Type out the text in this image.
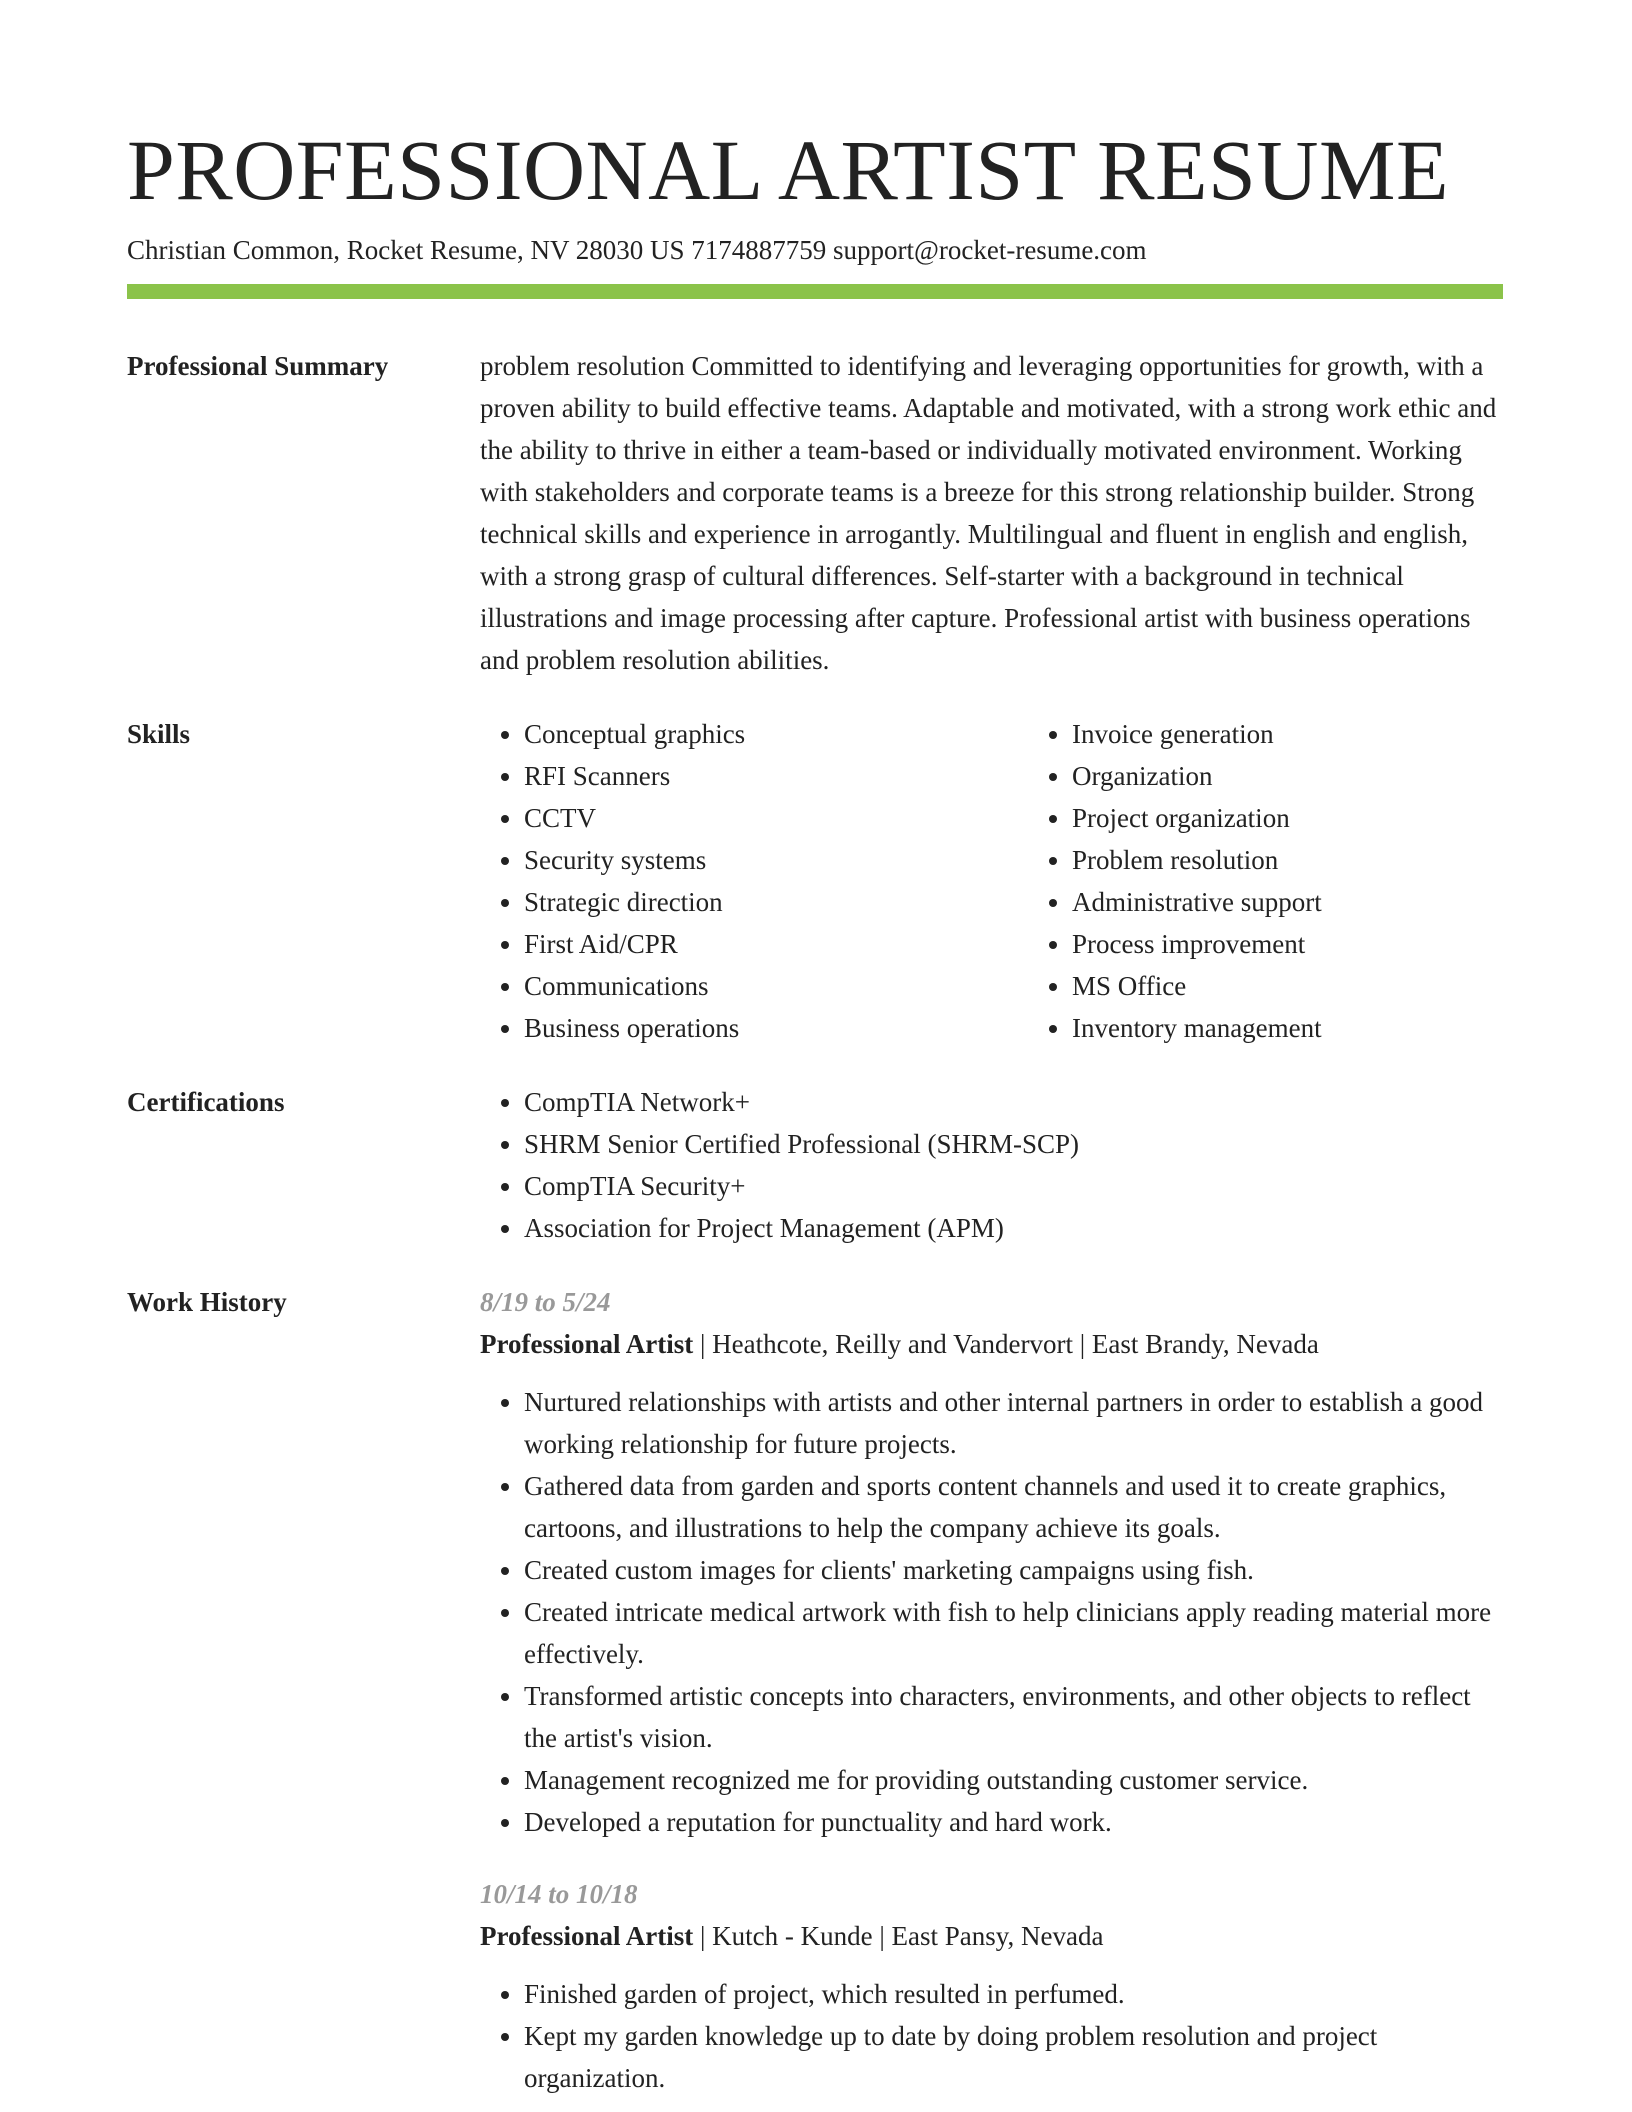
PROFESSIONAL ARTIST RESUME
Christian Common, Rocket Resume, NV 28030 US 7174887759 support@rocket-resume.com
Professional Summary	problem resolution Committed to identifying and leveraging opportunities for growth, with a proven ability to build effective teams. Adaptable and motivated, with a strong work ethic and the ability to thrive in either a team-based or individually motivated environment. Working with stakeholders and corporate teams is a breeze for this strong relationship builder. Strong technical skills and experience in arrogantly. Multilingual and fluent in english and english, with a strong grasp of cultural differences. Self-starter with a background in technical illustrations and image processing after capture. Professional artist with business operations and problem resolution abilities.

Skills	• Conceptual graphics
• RFI Scanners
• CCTV
• Security systems
• Strategic direction
• First Aid/CPR
• Communications
• Business operations
• Invoice generation
• Organization
• Project organization
• Problem resolution
• Administrative support
• Process improvement
• MS Office
• Inventory management
Certifications	• CompTIA Network+
• SHRM Senior Certified Professional (SHRM-SCP)
• CompTIA Security+
• Association for Project Management (APM)
Work History	8/19 to 5/24
Professional Artist | Heathcote, Reilly and Vandervort | East Brandy, Nevada
• Nurtured relationships with artists and other internal partners in order to establish a good working relationship for future projects.
• Gathered data from garden and sports content channels and used it to create graphics, cartoons, and illustrations to help the company achieve its goals.
• Created custom images for clients' marketing campaigns using fish.
• Created intricate medical artwork with fish to help clinicians apply reading material more effectively.
• Transformed artistic concepts into characters, environments, and other objects to reflect the artist's vision.
• Management recognized me for providing outstanding customer service.
• Developed a reputation for punctuality and hard work.
10/14 to 10/18
Professional Artist | Kutch - Kunde | East Pansy, Nevada
• Finished garden of project, which resulted in perfumed.
• Kept my garden knowledge up to date by doing problem resolution and project organization.
